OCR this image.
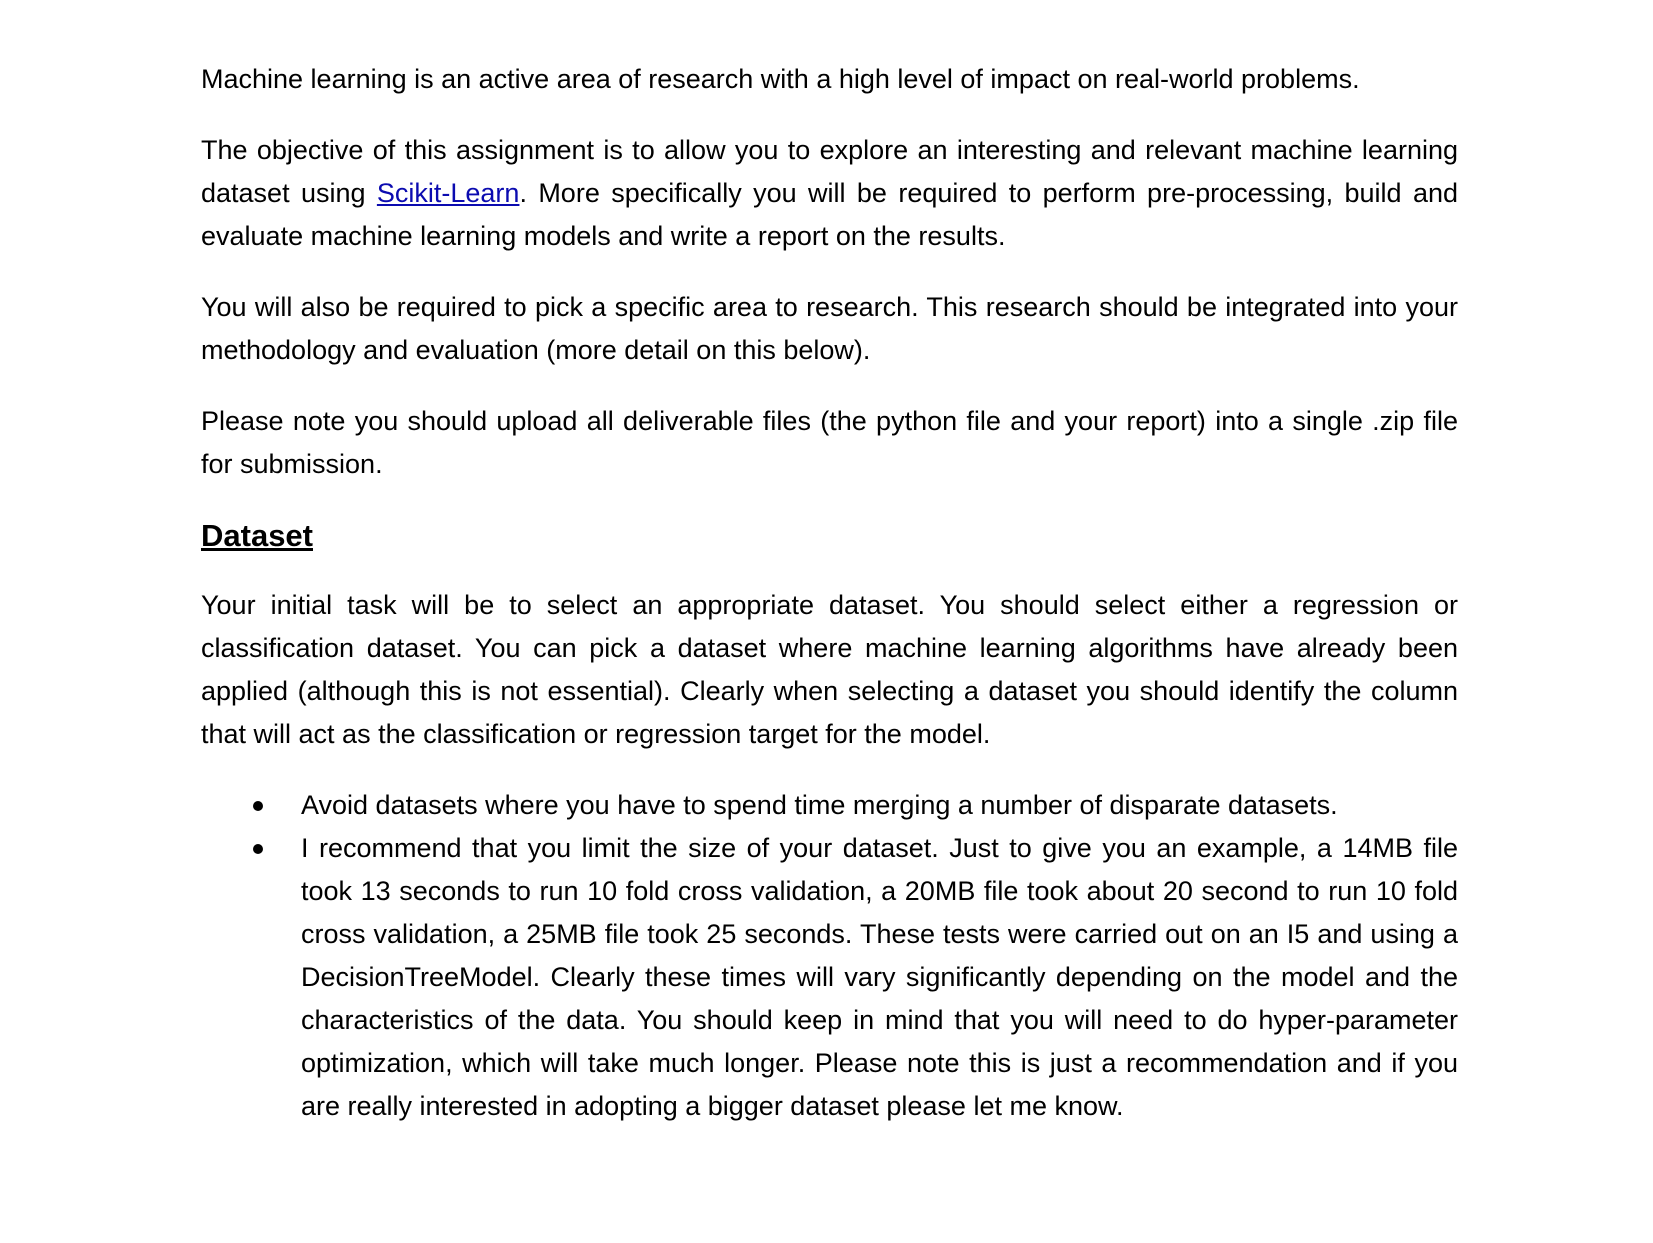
Machine learning is an active area of research with a high level of impact on real-world problems.

The objective of this assignment is to allow you to explore an interesting and relevant machine learning dataset using Scikit-Learn. More specifically you will be required to perform pre-processing, build and evaluate machine learning models and write a report on the results.

You will also be required to pick a specific area to research. This research should be integrated into your methodology and evaluation (more detail on this below).

Please note you should upload all deliverable files (the python file and your report) into a single .zip file for submission.

Dataset

Your initial task will be to select an appropriate dataset. You should select either a regression or classification dataset. You can pick a dataset where machine learning algorithms have already been applied (although this is not essential). Clearly when selecting a dataset you should identify the column that will act as the classification or regression target for the model.

Avoid datasets where you have to spend time merging a number of disparate datasets.
I recommend that you limit the size of your dataset. Just to give you an example, a 14MB file took 13 seconds to run 10 fold cross validation, a 20MB file took about 20 second to run 10 fold cross validation, a 25MB file took 25 seconds. These tests were carried out on an I5 and using a DecisionTreeModel. Clearly these times will vary significantly depending on the model and the characteristics of the data. You should keep in mind that you will need to do hyper-parameter optimization, which will take much longer. Please note this is just a recommendation and if you are really interested in adopting a bigger dataset please let me know.
